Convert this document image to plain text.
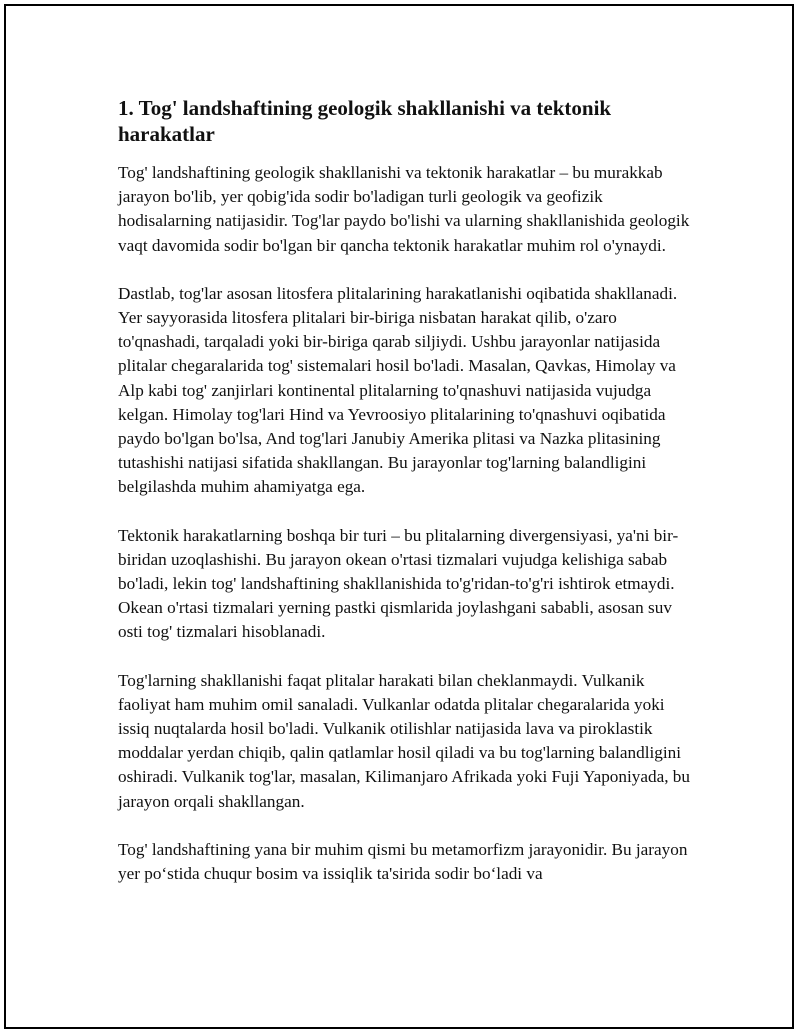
1. Tog' landshaftining geologik shakllanishi va tektonik harakatlar

Tog' landshaftining geologik shakllanishi va tektonik harakatlar – bu murakkab jarayon bo'lib, yer qobig'ida sodir bo'ladigan turli geologik va geofizik hodisalarning natijasidir. Tog'lar paydo bo'lishi va ularning shakllanishida geologik vaqt davomida sodir bo'lgan bir qancha tektonik harakatlar muhim rol o'ynaydi.

Dastlab, tog'lar asosan litosfera plitalarining harakatlanishi oqibatida shakllanadi. Yer sayyorasida litosfera plitalari bir-biriga nisbatan harakat qilib, o'zaro to'qnashadi, tarqaladi yoki bir-biriga qarab siljiydi. Ushbu jarayonlar natijasida plitalar chegaralarida tog' sistemalari hosil bo'ladi. Masalan, Qavkas, Himolay va Alp kabi tog' zanjirlari kontinental plitalarning to'qnashuvi natijasida vujudga kelgan. Himolay tog'lari Hind va Yevroosiyo plitalarining to'qnashuvi oqibatida paydo bo'lgan bo'lsa, And tog'lari Janubiy Amerika plitasi va Nazka plitasining tutashishi natijasi sifatida shakllangan. Bu jarayonlar tog'larning balandligini belgilashda muhim ahamiyatga ega.

Tektonik harakatlarning boshqa bir turi – bu plitalarning divergensiyasi, ya'ni bir-biridan uzoqlashishi. Bu jarayon okean o'rtasi tizmalari vujudga kelishiga sabab bo'ladi, lekin tog' landshaftining shakllanishida to'g'ridan-to'g'ri ishtirok etmaydi. Okean o'rtasi tizmalari yerning pastki qismlarida joylashgani sababli, asosan suv osti tog' tizmalari hisoblanadi.

Tog'larning shakllanishi faqat plitalar harakati bilan cheklanmaydi. Vulkanik faoliyat ham muhim omil sanaladi. Vulkanlar odatda plitalar chegaralarida yoki issiq nuqtalarda hosil bo'ladi. Vulkanik otilishlar natijasida lava va piroklastik moddalar yerdan chiqib, qalin qatlamlar hosil qiladi va bu tog'larning balandligini oshiradi. Vulkanik tog'lar, masalan, Kilimanjaro Afrikada yoki Fuji Yaponiyada, bu jarayon orqali shakllangan.

Tog' landshaftining yana bir muhim qismi bu metamorfizm jarayonidir. Bu jarayon yer po‘stida chuqur bosim va issiqlik ta'sirida sodir bo‘ladi va
